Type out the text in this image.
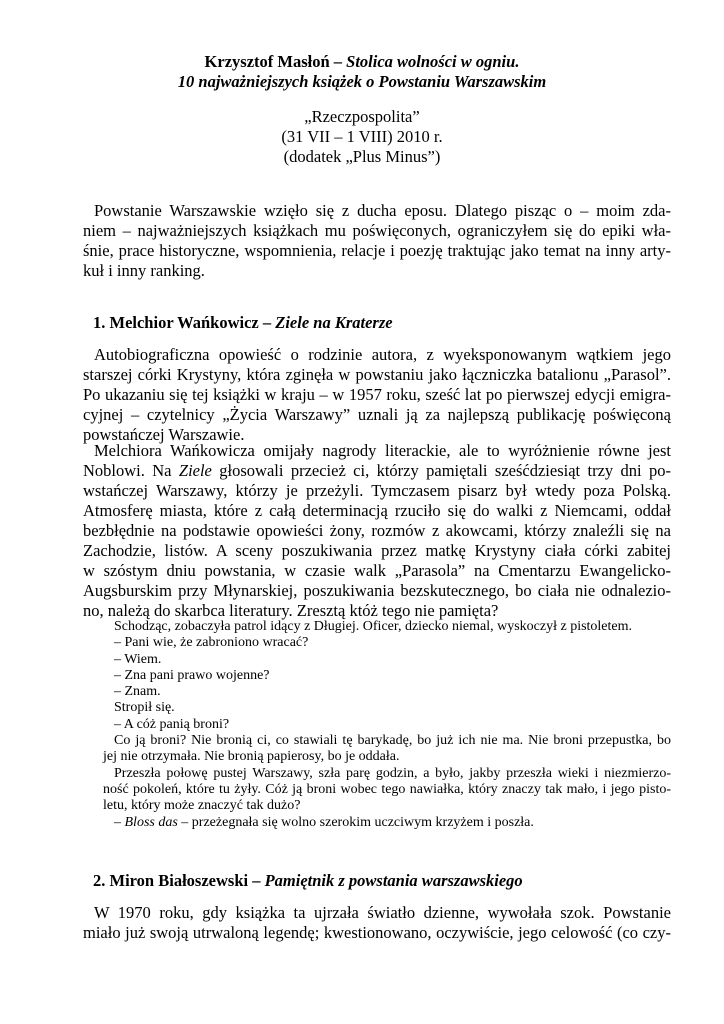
Krzysztof Masłoń – Stolica wolności w ogniu.
10 najważniejszych książek o Powstaniu Warszawskim
„Rzeczpospolita”
(31 VII – 1 VIII) 2010 r.
(dodatek „Plus Minus”)
Powstanie Warszawskie wzięło się z ducha eposu. Dlatego pisząc o – moim zda-
niem – najważniejszych książkach mu poświęconych, ograniczyłem się do epiki wła-
śnie, prace historyczne, wspomnienia, relacje i poezję traktując jako temat na inny arty-
kuł i inny ranking.
1. Melchior Wańkowicz – Ziele na Kraterze
Autobiograficzna opowieść o rodzinie autora, z wyeksponowanym wątkiem jego
starszej córki Krystyny, która zginęła w powstaniu jako łączniczka batalionu „Parasol”.
Po ukazaniu się tej książki w kraju – w 1957 roku, sześć lat po pierwszej edycji emigra-
cyjnej – czytelnicy „Życia Warszawy” uznali ją za najlepszą publikację poświęconą
powstańczej Warszawie.
Melchiora Wańkowicza omijały nagrody literackie, ale to wyróżnienie równe jest
Noblowi. Na Ziele głosowali przecież ci, którzy pamiętali sześćdziesiąt trzy dni po-
wstańczej Warszawy, którzy je przeżyli. Tymczasem pisarz był wtedy poza Polską.
Atmosferę miasta, które z całą determinacją rzuciło się do walki z Niemcami, oddał
bezbłędnie na podstawie opowieści żony, rozmów z akowcami, którzy znaleźli się na
Zachodzie, listów. A sceny poszukiwania przez matkę Krystyny ciała córki zabitej
w szóstym dniu powstania, w czasie walk „Parasola” na Cmentarzu Ewangelicko-
Augsburskim przy Młynarskiej, poszukiwania bezskutecznego, bo ciała nie odnalezio-
no, należą do skarbca literatury. Zresztą któż tego nie pamięta?
Schodząc, zobaczyła patrol idący z Długiej. Oficer, dziecko niemal, wyskoczył z pistoletem.
– Pani wie, że zabroniono wracać?
– Wiem.
– Zna pani prawo wojenne?
– Znam.
Stropił się.
– A cóż panią broni?
Co ją broni? Nie bronią ci, co stawiali tę barykadę, bo już ich nie ma. Nie broni przepustka, bo
jej nie otrzymała. Nie bronią papierosy, bo je oddała.
Przeszła połowę pustej Warszawy, szła parę godzin, a było, jakby przeszła wieki i niezmierzo-
ność pokoleń, które tu żyły. Cóż ją broni wobec tego nawiałka, który znaczy tak mało, i jego pisto-
letu, który może znaczyć tak dużo?
– Bloss das – przeżegnała się wolno szerokim uczciwym krzyżem i poszła.
2. Miron Białoszewski – Pamiętnik z powstania warszawskiego
W 1970 roku, gdy książka ta ujrzała światło dzienne, wywołała szok. Powstanie
miało już swoją utrwaloną legendę; kwestionowano, oczywiście, jego celowość (co czy-
